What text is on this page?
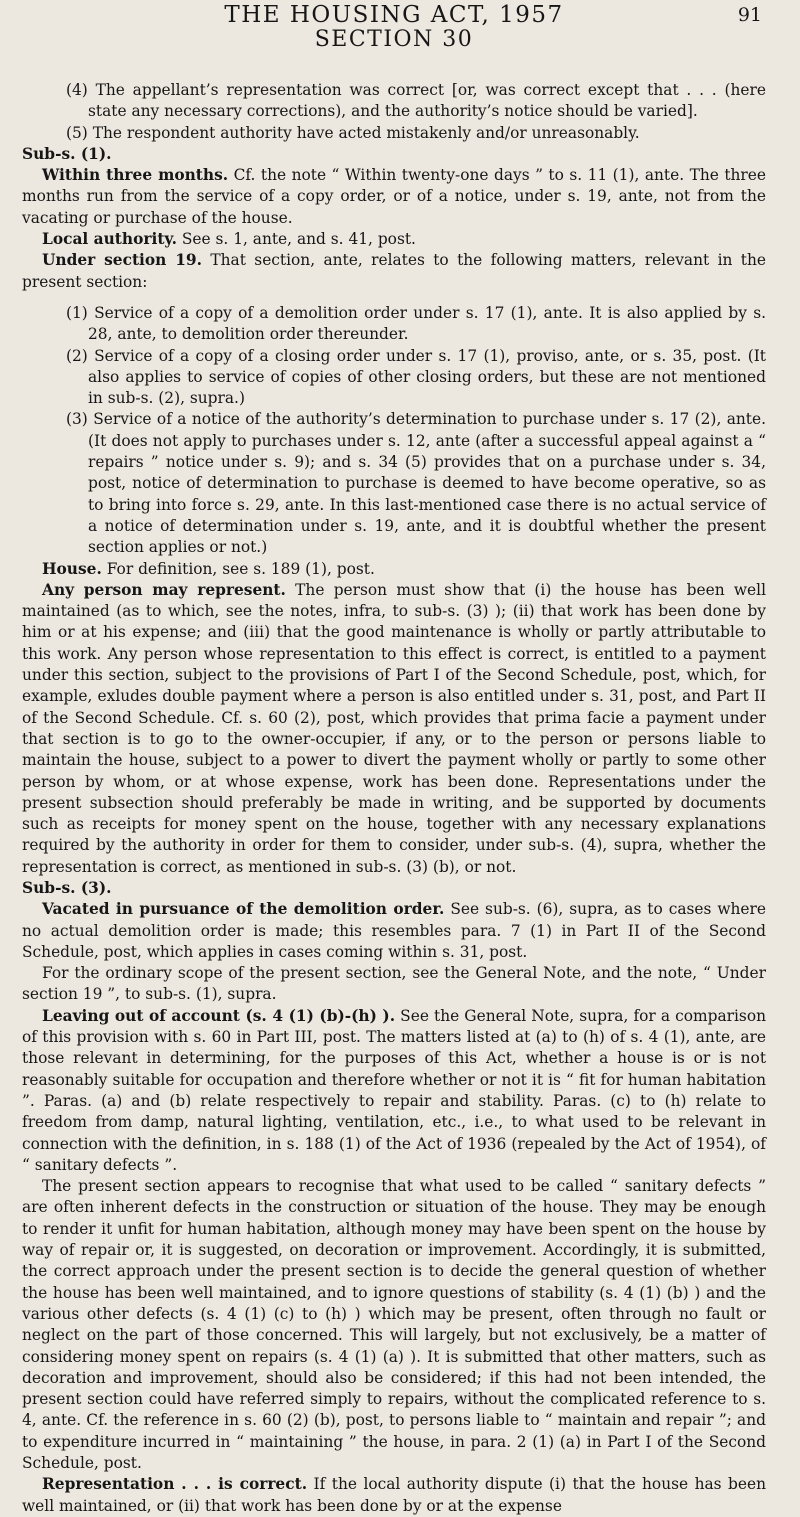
THE HOUSING ACT, 1957	91
SECTION 30

(4) The appellant’s representation was correct [or, was correct except that . . . (here state any necessary corrections), and the authority’s notice should be varied].

(5) The respondent authority have acted mistakenly and/or unreasonably.

Sub-s. (1).

Within three months. Cf. the note “ Within twenty-one days ” to s. 11 (1), ante. The three months run from the service of a copy order, or of a notice, under s. 19, ante, not from the vacating or purchase of the house.

Local authority. See s. 1, ante, and s. 41, post.

Under section 19. That section, ante, relates to the following matters, relevant in the present section:

(1) Service of a copy of a demolition order under s. 17 (1), ante. It is also applied by s. 28, ante, to demolition order thereunder.

(2) Service of a copy of a closing order under s. 17 (1), proviso, ante, or s. 35, post. (It also applies to service of copies of other closing orders, but these are not mentioned in sub-s. (2), supra.)

(3) Service of a notice of the authority’s determination to purchase under s. 17 (2), ante. (It does not apply to purchases under s. 12, ante (after a successful appeal against a “ repairs ” notice under s. 9); and s. 34 (5) provides that on a purchase under s. 34, post, notice of determination to purchase is deemed to have become operative, so as to bring into force s. 29, ante. In this last-mentioned case there is no actual service of a notice of determination under s. 19, ante, and it is doubtful whether the present section applies or not.)

House. For definition, see s. 189 (1), post.

Any person may represent. The person must show that (i) the house has been well maintained (as to which, see the notes, infra, to sub-s. (3) ); (ii) that work has been done by him or at his expense; and (iii) that the good maintenance is wholly or partly attributable to this work. Any person whose representation to this effect is correct, is entitled to a payment under this section, subject to the provisions of Part I of the Second Schedule, post, which, for example, exludes double payment where a person is also entitled under s. 31, post, and Part II of the Second Schedule. Cf. s. 60 (2), post, which provides that prima facie a payment under that section is to go to the owner-occupier, if any, or to the person or persons liable to maintain the house, subject to a power to divert the payment wholly or partly to some other person by whom, or at whose expense, work has been done. Representations under the present subsection should preferably be made in writing, and be supported by documents such as receipts for money spent on the house, together with any necessary explanations required by the authority in order for them to consider, under sub-s. (4), supra, whether the representation is correct, as mentioned in sub-s. (3) (b), or not.

Sub-s. (3).

Vacated in pursuance of the demolition order. See sub-s. (6), supra, as to cases where no actual demolition order is made; this resembles para. 7 (1) in Part II of the Second Schedule, post, which applies in cases coming within s. 31, post.

For the ordinary scope of the present section, see the General Note, and the note, “ Under section 19 ”, to sub-s. (1), supra.

Leaving out of account (s. 4 (1) (b)-(h) ). See the General Note, supra, for a comparison of this provision with s. 60 in Part III, post. The matters listed at (a) to (h) of s. 4 (1), ante, are those relevant in determining, for the purposes of this Act, whether a house is or is not reasonably suitable for occupation and therefore whether or not it is “ fit for human habitation ”. Paras. (a) and (b) relate respectively to repair and stability. Paras. (c) to (h) relate to freedom from damp, natural lighting, ventilation, etc., i.e., to what used to be relevant in connection with the definition, in s. 188 (1) of the Act of 1936 (repealed by the Act of 1954), of “ sanitary defects ”.

The present section appears to recognise that what used to be called “ sanitary defects ” are often inherent defects in the construction or situation of the house. They may be enough to render it unfit for human habitation, although money may have been spent on the house by way of repair or, it is suggested, on decoration or improvement. Accordingly, it is submitted, the correct approach under the present section is to decide the general question of whether the house has been well maintained, and to ignore questions of stability (s. 4 (1) (b) ) and the various other defects (s. 4 (1) (c) to (h) ) which may be present, often through no fault or neglect on the part of those concerned. This will largely, but not exclusively, be a matter of considering money spent on repairs (s. 4 (1) (a) ). It is submitted that other matters, such as decoration and improvement, should also be considered; if this had not been intended, the present section could have referred simply to repairs, without the complicated reference to s. 4, ante. Cf. the reference in s. 60 (2) (b), post, to persons liable to “ maintain and repair ”; and to expenditure incurred in “ maintaining ” the house, in para. 2 (1) (a) in Part I of the Second Schedule, post.

Representation . . . is correct. If the local authority dispute (i) that the house has been well maintained, or (ii) that work has been done by or at the expense
